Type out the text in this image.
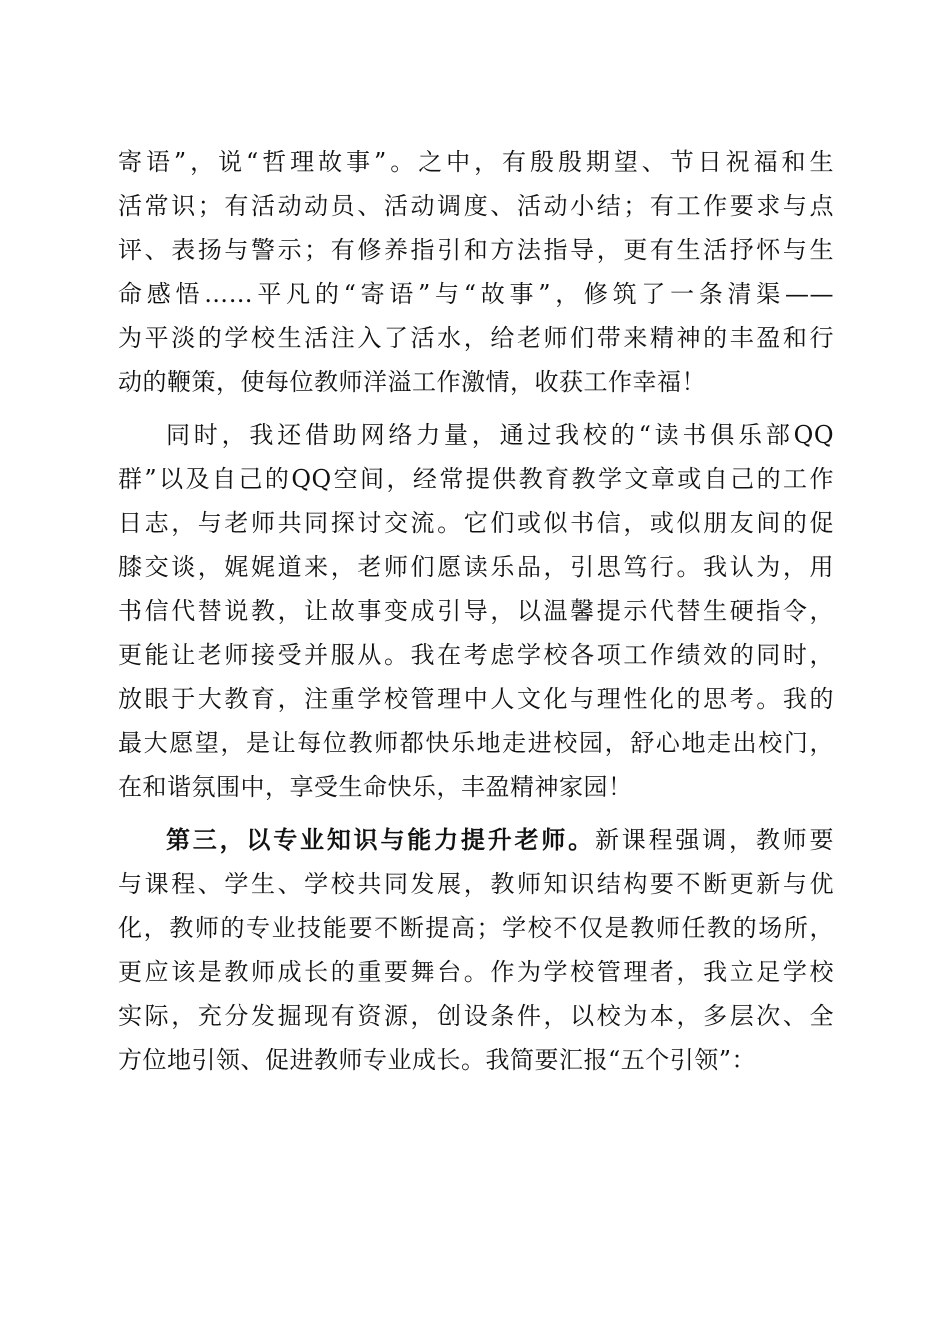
寄语”，说“哲理故事”。之中，有殷殷期望、节日祝福和生
活常识；有活动动员、活动调度、活动小结；有工作要求与点
评、表扬与警示；有修养指引和方法指导，更有生活抒怀与生
命感悟……平凡的“寄语”与“故事”，修筑了一条清渠——
为平淡的学校生活注入了活水，给老师们带来精神的丰盈和行
动的鞭策，使每位教师洋溢工作激情，收获工作幸福！
同时，我还借助网络力量，通过我校的“读书俱乐部QQ
群”以及自己的QQ空间，经常提供教育教学文章或自己的工作
日志，与老师共同探讨交流。它们或似书信，或似朋友间的促
膝交谈，娓娓道来，老师们愿读乐品，引思笃行。我认为，用
书信代替说教，让故事变成引导，以温馨提示代替生硬指令，
更能让老师接受并服从。我在考虑学校各项工作绩效的同时，
放眼于大教育，注重学校管理中人文化与理性化的思考。我的
最大愿望，是让每位教师都快乐地走进校园，舒心地走出校门，
在和谐氛围中，享受生命快乐，丰盈精神家园！
第三，以专业知识与能力提升老师。新课程强调，教师要
与课程、学生、学校共同发展，教师知识结构要不断更新与优
化，教师的专业技能要不断提高；学校不仅是教师任教的场所，
更应该是教师成长的重要舞台。作为学校管理者，我立足学校
实际，充分发掘现有资源，创设条件，以校为本，多层次、全
方位地引领、促进教师专业成长。我简要汇报“五个引领”：
